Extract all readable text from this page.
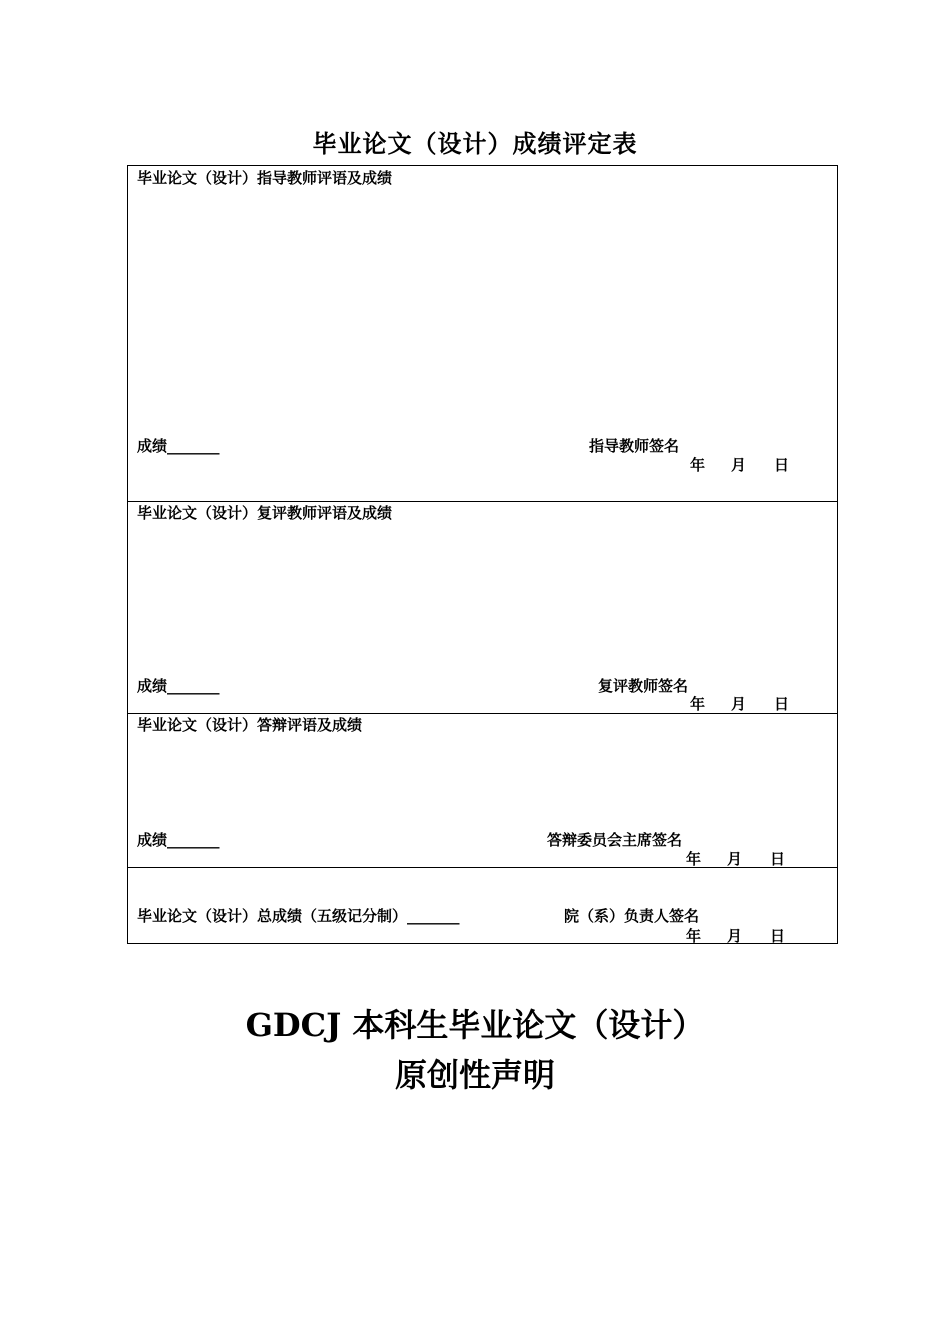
毕业论文（设计）成绩评定表
毕业论文（设计）指导教师评语及成绩
成绩_______	指导教师签名
年 月 日
毕业论文（设计）复评教师评语及成绩
成绩_______	复评教师签名
年 月 日
毕业论文（设计）答辩评语及成绩
成绩_______	答辩委员会主席签名
年 月 日
毕业论文（设计）总成绩（五级记分制）_______	院（系）负责人签名
年 月 日
GDCJ 本科生毕业论文（设计）
原创性声明
